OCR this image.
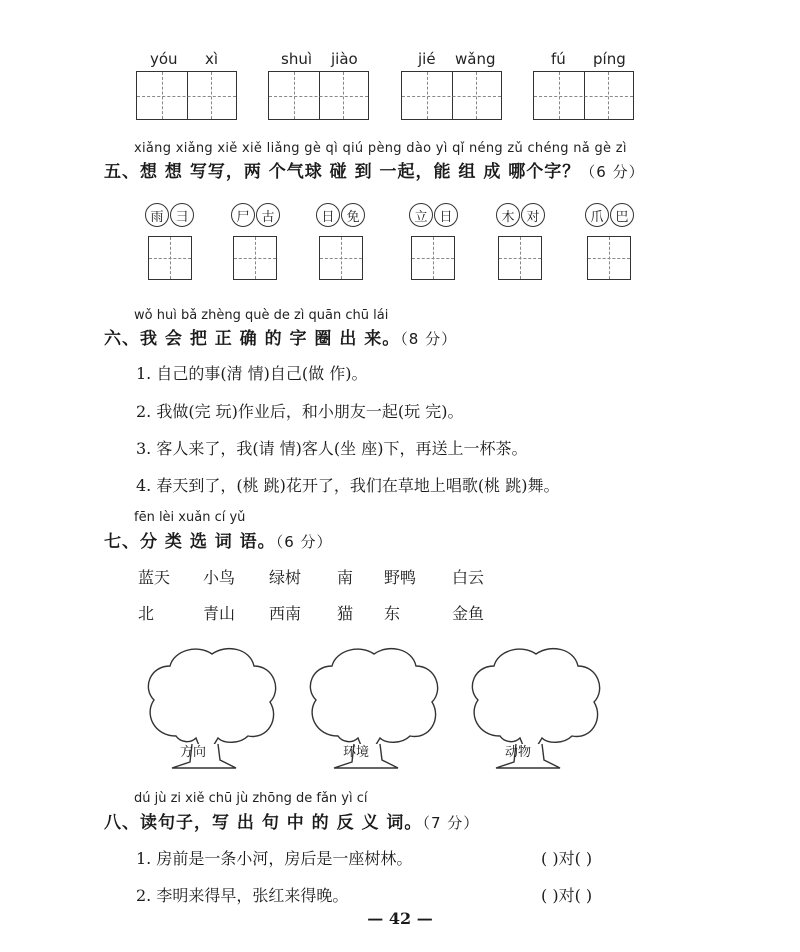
yóu xì	shuì jiào	jié wǎng	fú píng
xiǎng xiǎng xiě xiě liǎng gè qì qiú pèng dào yì qǐ néng zǔ chéng nǎ gè zì
五、想 想 写写，两 个气球 碰 到 一起，能 组 成 哪个字？（6 分）
雨 彐	尸 古	日 免	立 日	木 对	爪 巴
wǒ huì bǎ zhèng què de zì quān chū lái
六、我 会 把 正 确 的 字 圈 出 来。（8 分）
1. 自己的事(清 情)自己(做 作)。
2. 我做(完 玩)作业后，和小朋友一起(玩 完)。
3. 客人来了，我(请 情)客人(坐 座)下，再送上一杯茶。
4. 春天到了，(桃 跳)花开了，我们在草地上唱歌(桃 跳)舞。
fēn lèi xuǎn cí yǔ
七、分 类 选 词 语。（6 分）
蓝天 小鸟 绿树 南 野鸭 白云
北	青山 西南 猫 东	金鱼
方向	环境	动物
dú jù zi xiě chū jù zhōng de fǎn yì cí
八、读句子，写 出 句 中 的 反 义 词。（7 分）
1. 房前是一条小河，房后是一座树林。	( )对( )
2. 李明来得早，张红来得晚。	( )对( )
— 42 —
